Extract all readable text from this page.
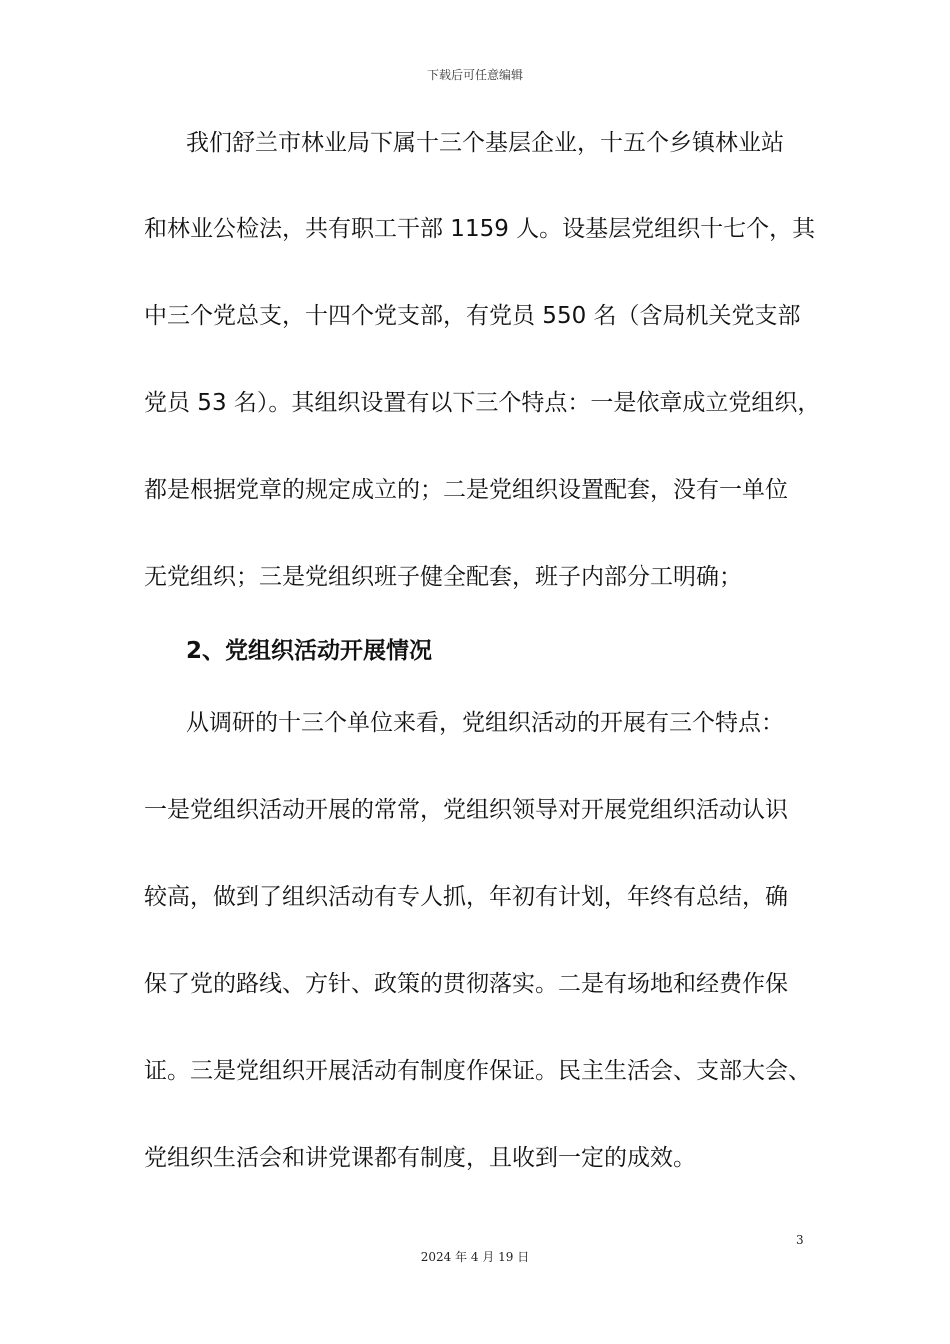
下载后可任意编辑
我们舒兰市林业局下属十三个基层企业，十五个乡镇林业站
和林业公检法，共有职工干部 1159 人。设基层党组织十七个，其
中三个党总支，十四个党支部，有党员 550 名（含局机关党支部
党员 53 名）。其组织设置有以下三个特点：一是依章成立党组织，
都是根据党章的规定成立的；二是党组织设置配套，没有一单位
无党组织；三是党组织班子健全配套，班子内部分工明确；
2、党组织活动开展情况
从调研的十三个单位来看，党组织活动的开展有三个特点：
一是党组织活动开展的常常，党组织领导对开展党组织活动认识
较高，做到了组织活动有专人抓，年初有计划，年终有总结，确
保了党的路线、方针、政策的贯彻落实。二是有场地和经费作保
证。三是党组织开展活动有制度作保证。民主生活会、支部大会、
党组织生活会和讲党课都有制度，且收到一定的成效。
3
2024 年 4 月 19 日
